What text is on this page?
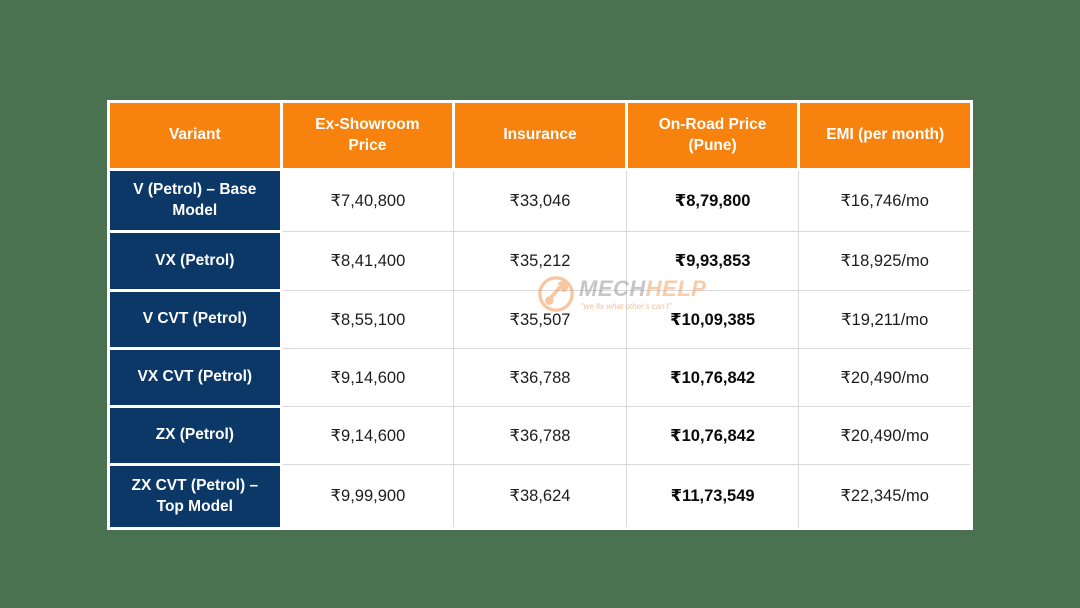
Variant	Ex-Showroom Price	Insurance	On-Road Price (Pune)	EMI (per month)
V (Petrol) – Base Model	₹7,40,800	₹33,046	₹8,79,800	₹16,746/mo
VX (Petrol)	₹8,41,400	₹35,212	₹9,93,853	₹18,925/mo
V CVT (Petrol)	₹8,55,100	₹35,507	₹10,09,385	₹19,211/mo
VX CVT (Petrol)	₹9,14,600	₹36,788	₹10,76,842	₹20,490/mo
ZX (Petrol)	₹9,14,600	₹36,788	₹10,76,842	₹20,490/mo
ZX CVT (Petrol) – Top Model	₹9,99,900	₹38,624	₹11,73,549	₹22,345/mo
MECHHELP
“we fix what other’s can’t”
